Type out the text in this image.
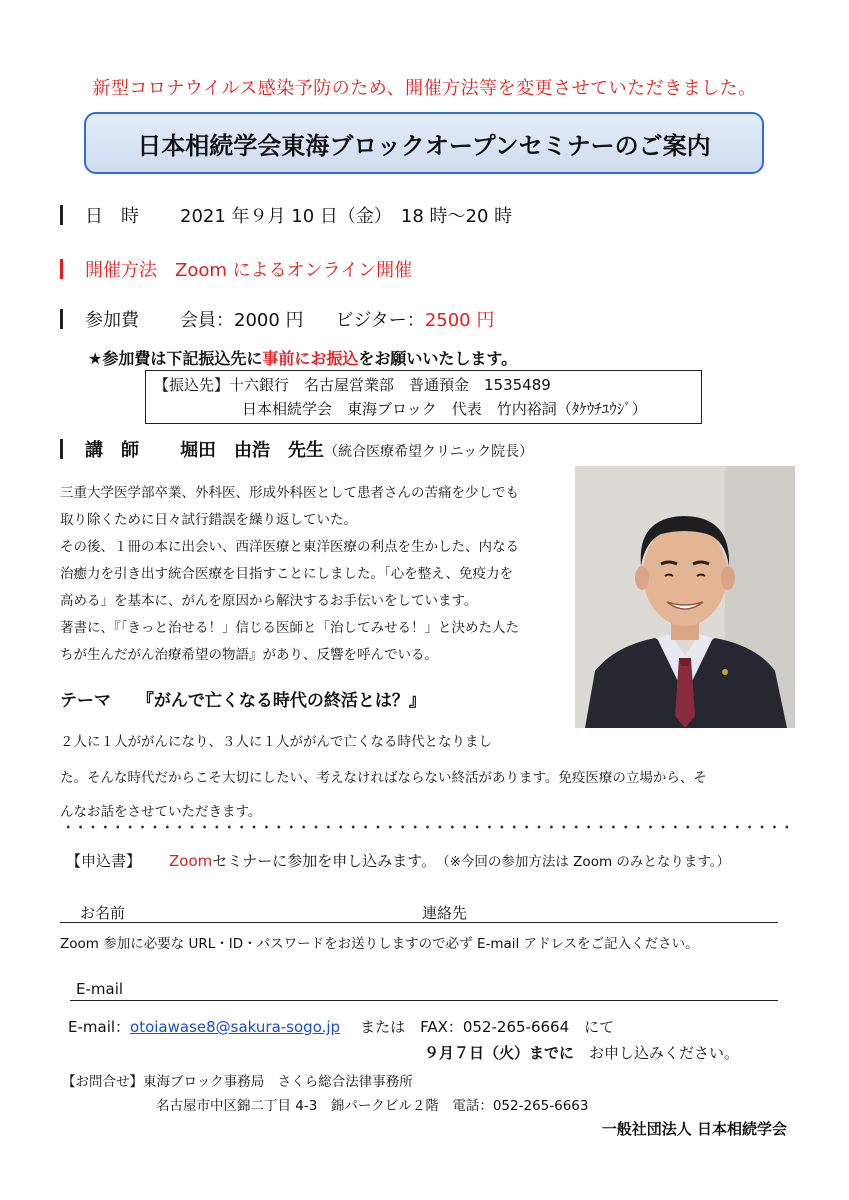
新型コロナウイルス感染予防のため、開催方法等を変更させていただきました。
日本相続学会東海ブロックオープンセミナーのご案内
日　時	2021 年９月 10 日（金）　18 時～20 時
開催方法 Zoom によるオンライン開催
参加費	会員：2000 円 ビジター： 2500 円
★参加費は下記振込先に事前にお振込をお願いいたします。
【振込先】十六銀行　名古屋営業部　普通預金　1535489
日本相続学会　東海ブロック　代表　竹内裕詞（ﾀｹｳﾁﾕｳｼﾞ）
講　師	堀田　由浩　先生 （統合医療希望クリニック院長）
三重大学医学部卒業、外科医、形成外科医として患者さんの苦痛を少しでも
取り除くために日々試行錯誤を繰り返していた。
その後、１冊の本に出会い、西洋医療と東洋医療の利点を生かした、内なる
治癒力を引き出す統合医療を目指すことにしました。「心を整え、免疫力を
高める」を基本に、がんを原因から解決するお手伝いをしています。
著書に、『「きっと治せる！」信じる医師と「治してみせる！」と決めた人た
ちが生んだがん治療希望の物語』があり、反響を呼んでいる。
テーマ 『がんで亡くなる時代の終活とは？』
２人に１人ががんになり、３人に１人ががんで亡くなる時代となりまし
た。そんな時代だからこそ大切にしたい、考えなければならない終活があります。免疫医療の立場から、そ
んなお話をさせていただきます。
【申込書】 Zoom セミナーに参加を申し込みます。 （※今回の参加方法は Zoom のみとなります。）
お名前	連絡先
Zoom 参加に必要な URL・ID・パスワードをお送りしますので必ず E-mail アドレスをご記入ください。
E-mail
E-mail：otoiawase8@sakura-sogo.jp または　FAX：052-265-6664　にて
９月７日（火）までに　お申し込みください。
【お問合せ】東海ブロック事務局　さくら総合法律事務所
名古屋市中区錦二丁目 4-3　錦パークビル２階　電話：052-265-6663
一般社団法人 日本相続学会
